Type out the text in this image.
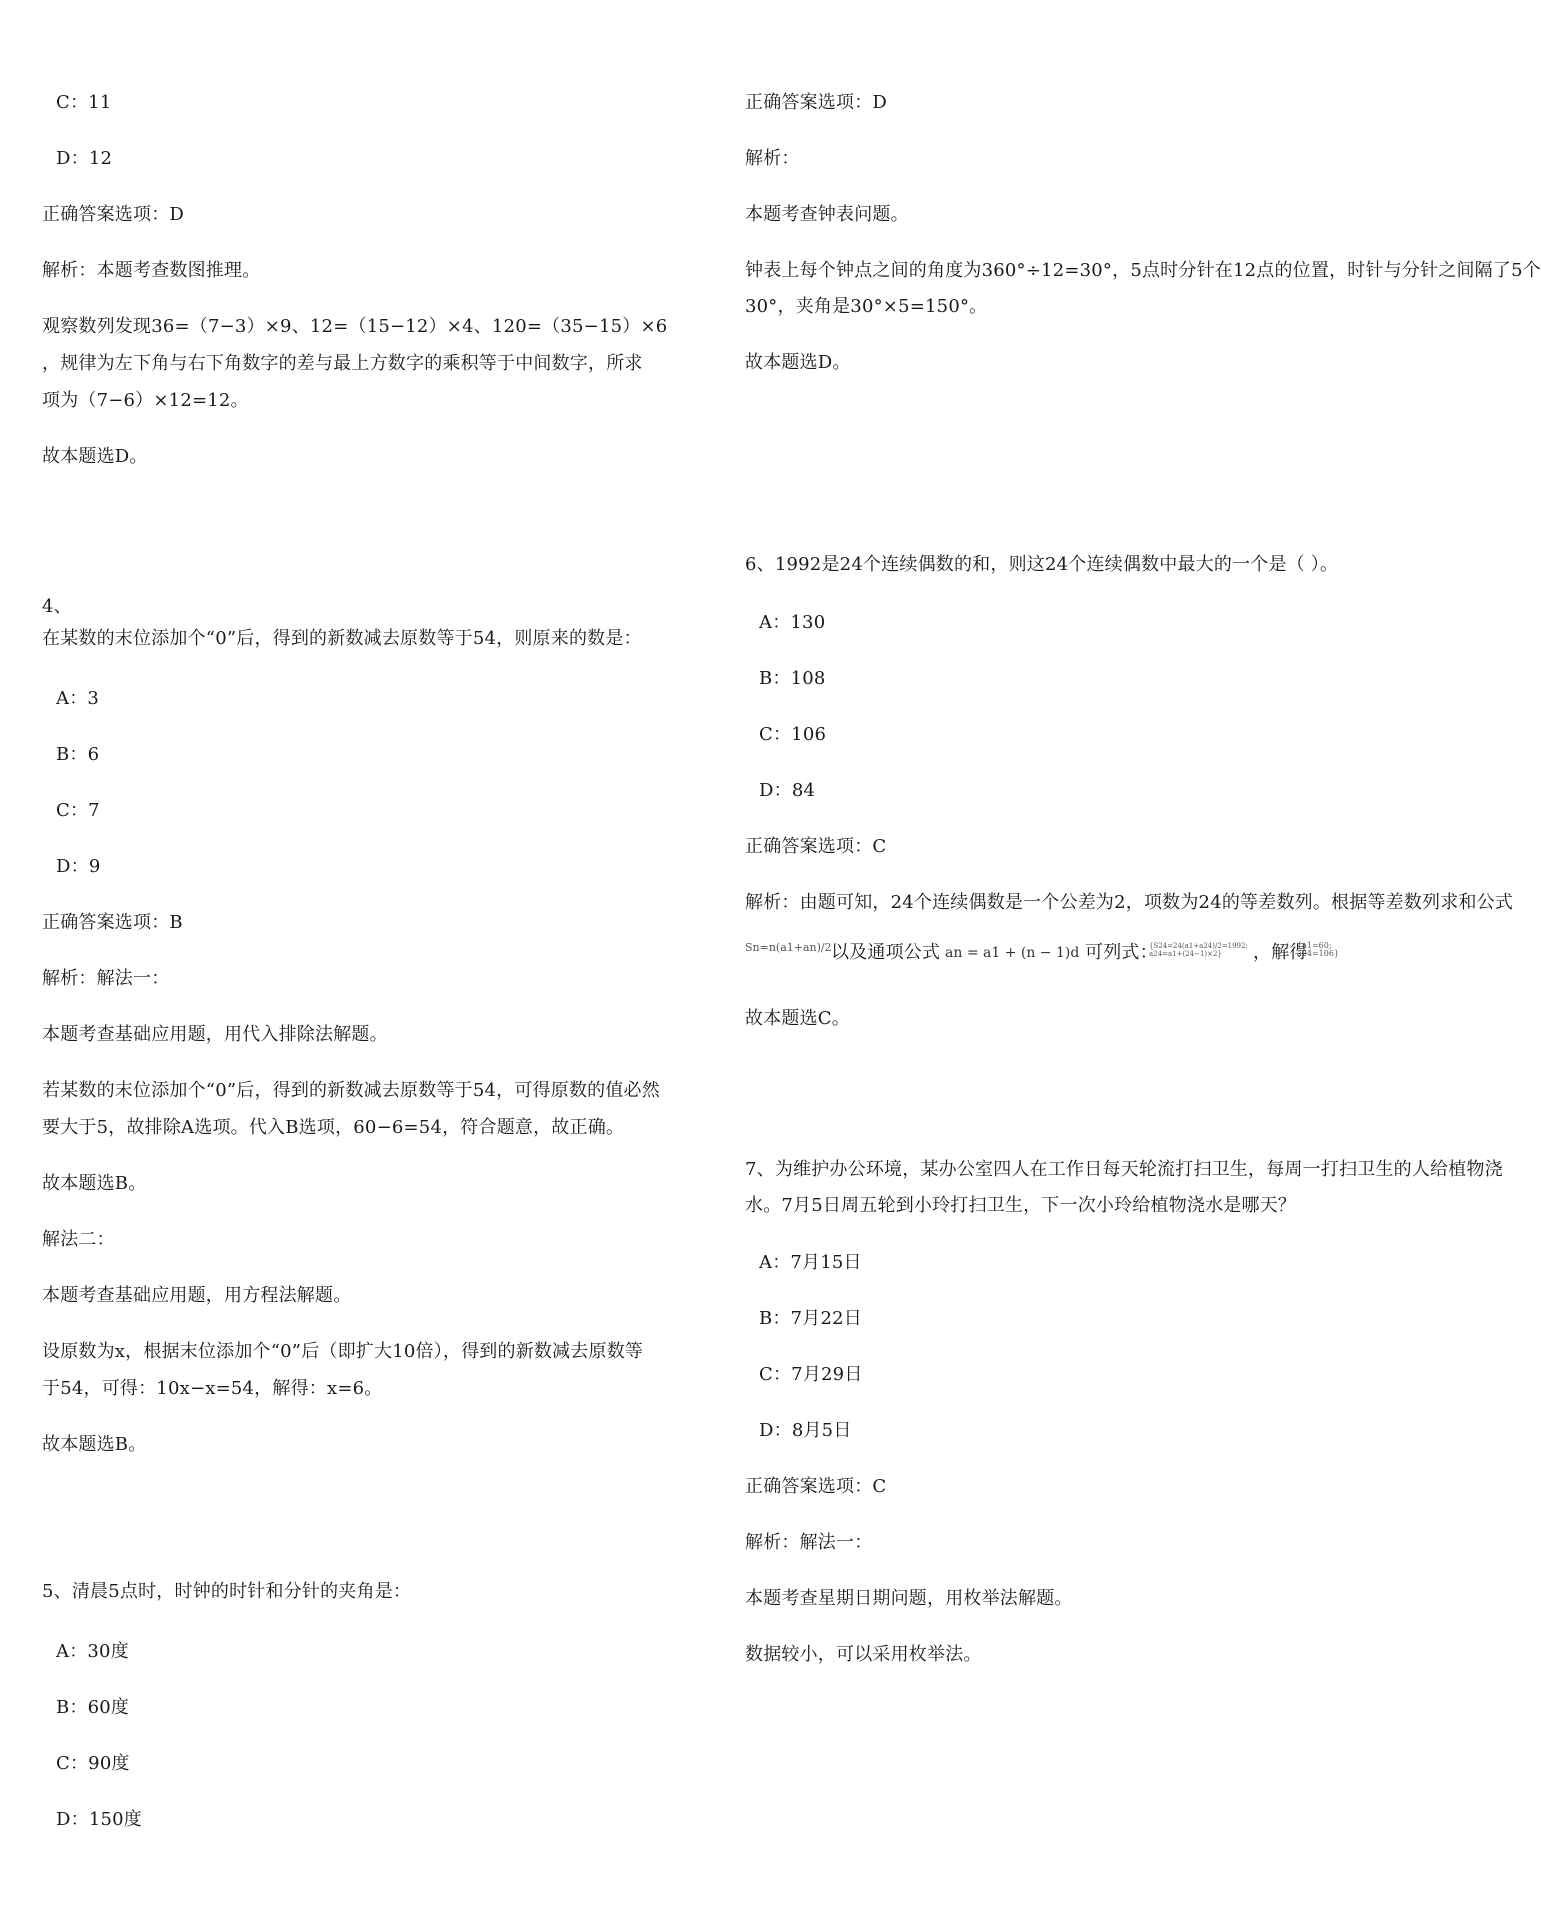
C：11
D：12
正确答案选项：D
解析：本题考查数图推理。
观察数列发现36=（7−3）×9、12=（15−12）×4、120=（35−15）×6
，规律为左下角与右下角数字的差与最上方数字的乘积等于中间数字，所求
项为（7−6）×12=12。
故本题选D。
4、
在某数的末位添加个“0”后，得到的新数减去原数等于54，则原来的数是：
A：3
B：6
C：7
D：9
正确答案选项：B
解析：解法一：
本题考查基础应用题，用代入排除法解题。
若某数的末位添加个“0”后，得到的新数减去原数等于54，可得原数的值必然
要大于5，故排除A选项。代入B选项，60−6=54，符合题意，故正确。
故本题选B。
解法二：
本题考查基础应用题，用方程法解题。
设原数为x，根据末位添加个“0”后（即扩大10倍），得到的新数减去原数等
于54，可得：10x−x=54，解得：x=6。
故本题选B。
5、清晨5点时，时钟的时针和分针的夹角是：
A：30度
B：60度
C：90度
D：150度
正确答案选项：D
解析：
本题考查钟表问题。
钟表上每个钟点之间的角度为360°÷12=30°，5点时分针在12点的位置，时针与分针之间隔了5个
30°，夹角是30°×5=150°。
故本题选D。
6、1992是24个连续偶数的和，则这24个连续偶数中最大的一个是（ ）。
A：130
B：108
C：106
D：84
正确答案选项：C
解析：由题可知，24个连续偶数是一个公差为2，项数为24的等差数列。根据等差数列求和公式
Sn=n(a1+an)/2 以及通项公式 an = a1 + (n − 1)d 可列式：
{S24=24(a1+a24)/2=1992; a24=a1+(24−1)×2}	，解得
{a1=60; a24=106}
故本题选C。
7、为维护办公环境，某办公室四人在工作日每天轮流打扫卫生，每周一打扫卫生的人给植物浇
水。7月5日周五轮到小玲打扫卫生，下一次小玲给植物浇水是哪天？
A：7月15日
B：7月22日
C：7月29日
D：8月5日
正确答案选项：C
解析：解法一：
本题考查星期日期问题，用枚举法解题。
数据较小，可以采用枚举法。
